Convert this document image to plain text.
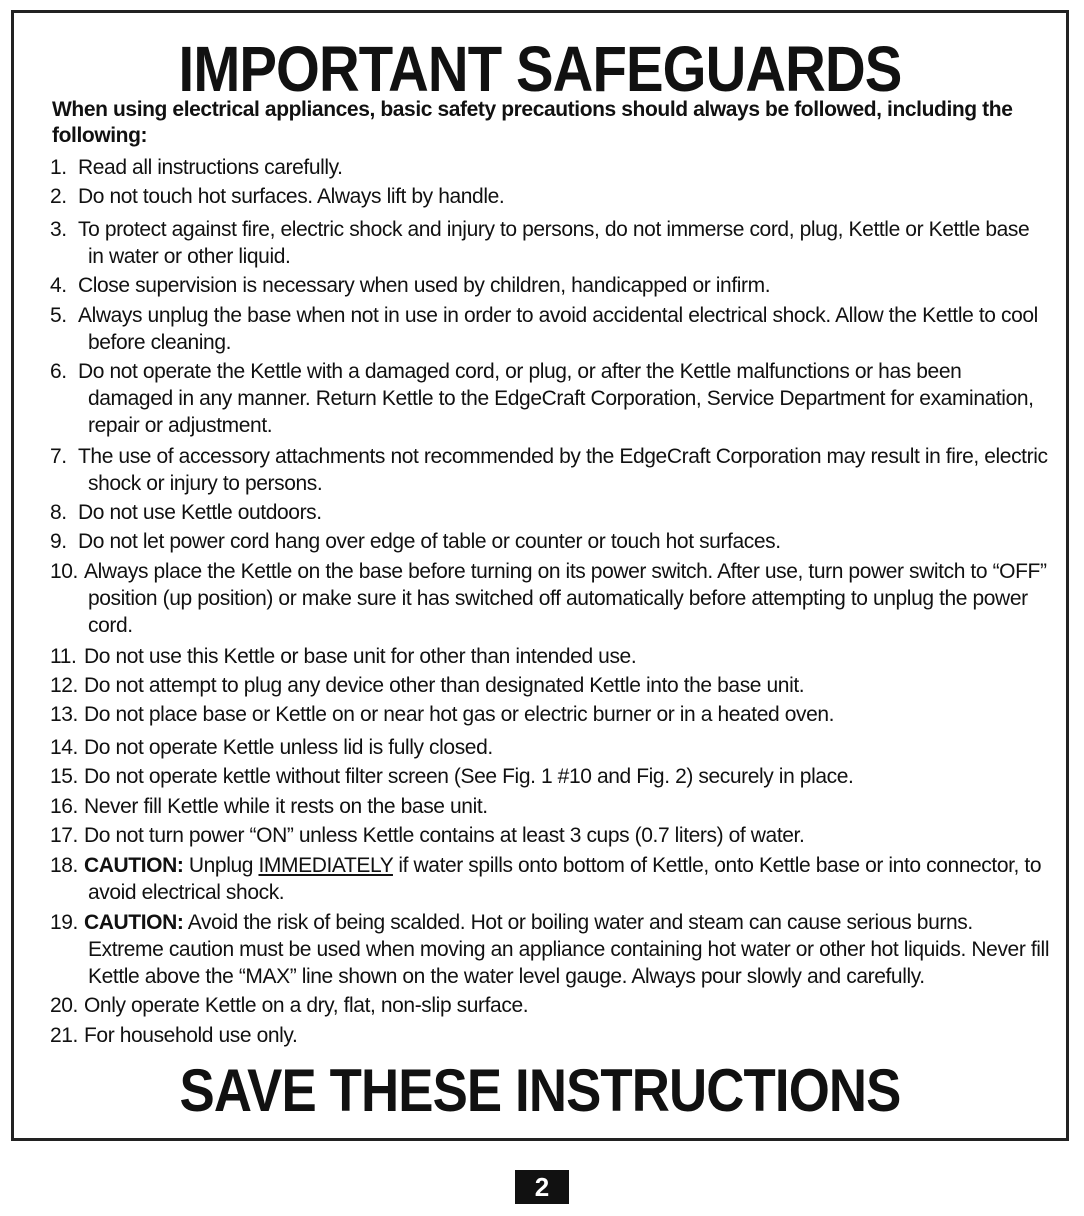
IMPORTANT SAFEGUARDS

When using electrical appliances, basic safety precautions should always be followed, including the following:

1. Read all instructions carefully.
2. Do not touch hot surfaces. Always lift by handle.
3. To protect against fire, electric shock and injury to persons, do not immerse cord, plug, Kettle or Kettle base in water or other liquid.
4. Close supervision is necessary when used by children, handicapped or infirm.
5. Always unplug the base when not in use in order to avoid accidental electrical shock. Allow the Kettle to cool before cleaning.
6. Do not operate the Kettle with a damaged cord, or plug, or after the Kettle malfunctions or has been damaged in any manner. Return Kettle to the EdgeCraft Corporation, Service Department for examination, repair or adjustment.
7. The use of accessory attachments not recommended by the EdgeCraft Corporation may result in fire, electric shock or injury to persons.
8. Do not use Kettle outdoors.
9. Do not let power cord hang over edge of table or counter or touch hot surfaces.
10. Always place the Kettle on the base before turning on its power switch. After use, turn power switch to “OFF” position (up position) or make sure it has switched off automatically before attempting to unplug the power cord.
11. Do not use this Kettle or base unit for other than intended use.
12. Do not attempt to plug any device other than designated Kettle into the base unit.
13. Do not place base or Kettle on or near hot gas or electric burner or in a heated oven.
14. Do not operate Kettle unless lid is fully closed.
15. Do not operate kettle without filter screen (See Fig. 1 #10 and Fig. 2) securely in place.
16. Never fill Kettle while it rests on the base unit.
17. Do not turn power “ON” unless Kettle contains at least 3 cups (0.7 liters) of water.
18. CAUTION: Unplug IMMEDIATELY if water spills onto bottom of Kettle, onto Kettle base or into connector, to avoid electrical shock.
19. CAUTION: Avoid the risk of being scalded. Hot or boiling water and steam can cause serious burns. Extreme caution must be used when moving an appliance containing hot water or other hot liquids. Never fill Kettle above the “MAX” line shown on the water level gauge. Always pour slowly and carefully.
20. Only operate Kettle on a dry, flat, non-slip surface.
21. For household use only.
SAVE THESE INSTRUCTIONS
2
